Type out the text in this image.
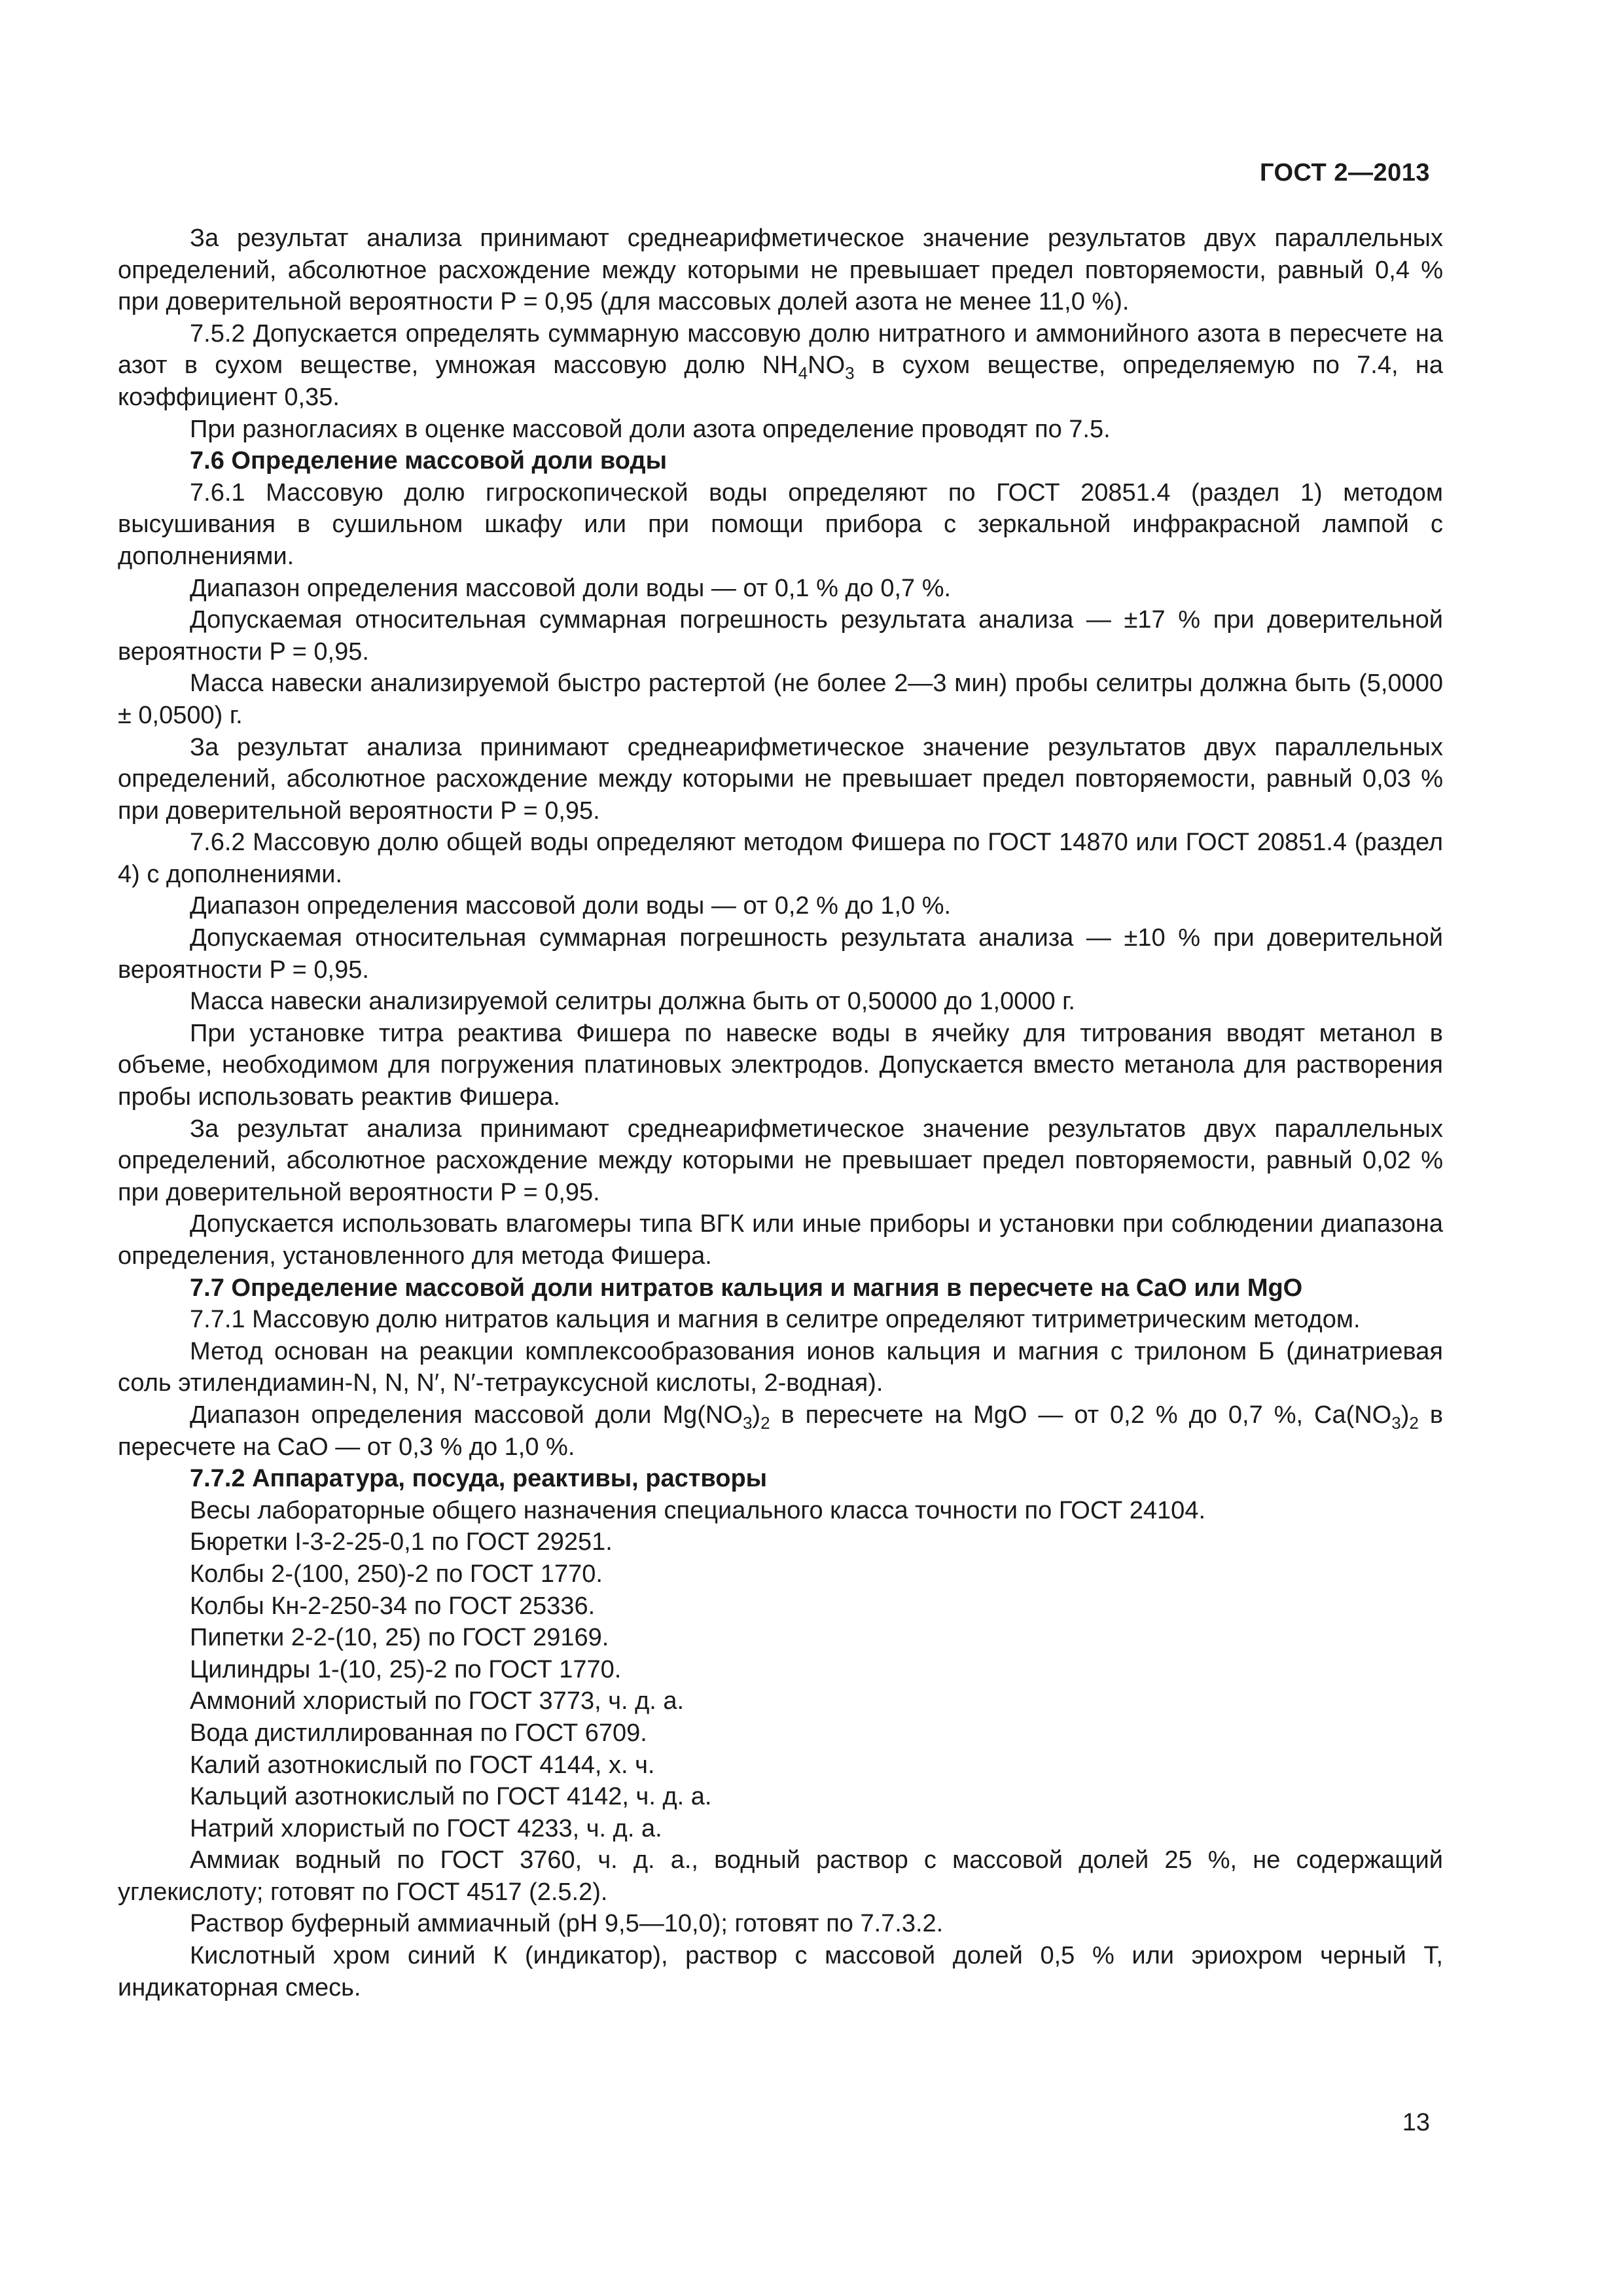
ГОСТ 2—2013

За результат анализа принимают среднеарифметическое значение результатов двух параллельных определений, абсолютное расхождение между которыми не превышает предел повторяемости, равный 0,4 % при доверительной вероятности P = 0,95 (для массовых долей азота не менее 11,0 %).

7.5.2 Допускается определять суммарную массовую долю нитратного и аммонийного азота в пересчете на азот в сухом веществе, умножая массовую долю $NH_4NO_3$ в сухом веществе, определяемую по 7.4, на коэффициент 0,35.

При разногласиях в оценке массовой доли азота определение проводят по 7.5.

7.6 Определение массовой доли воды

7.6.1 Массовую долю гигроскопической воды определяют по ГОСТ 20851.4 (раздел 1) методом высушивания в сушильном шкафу или при помощи прибора с зеркальной инфракрасной лампой с дополнениями.

Диапазон определения массовой доли воды — от 0,1 % до 0,7 %.

Допускаемая относительная суммарная погрешность результата анализа — ±17 % при доверительной вероятности P = 0,95.

Масса навески анализируемой быстро растертой (не более 2—3 мин) пробы селитры должна быть (5,0000 ± 0,0500) г.

За результат анализа принимают среднеарифметическое значение результатов двух параллельных определений, абсолютное расхождение между которыми не превышает предел повторяемости, равный 0,03 % при доверительной вероятности P = 0,95.

7.6.2 Массовую долю общей воды определяют методом Фишера по ГОСТ 14870 или ГОСТ 20851.4 (раздел 4) с дополнениями.

Диапазон определения массовой доли воды — от 0,2 % до 1,0 %.

Допускаемая относительная суммарная погрешность результата анализа — ±10 % при доверительной вероятности P = 0,95.

Масса навески анализируемой селитры должна быть от 0,50000 до 1,0000 г.

При установке титра реактива Фишера по навеске воды в ячейку для титрования вводят метанол в объеме, необходимом для погружения платиновых электродов. Допускается вместо метанола для растворения пробы использовать реактив Фишера.

За результат анализа принимают среднеарифметическое значение результатов двух параллельных определений, абсолютное расхождение между которыми не превышает предел повторяемости, равный 0,02 % при доверительной вероятности P = 0,95.

Допускается использовать влагомеры типа ВГК или иные приборы и установки при соблюдении диапазона определения, установленного для метода Фишера.

7.7 Определение массовой доли нитратов кальция и магния в пересчете на CaO или MgO

7.7.1 Массовую долю нитратов кальция и магния в селитре определяют титриметрическим методом.

Метод основан на реакции комплексообразования ионов кальция и магния с трилоном Б (динатриевая соль этилендиамин-N, N, N′, N′-тетрауксусной кислоты, 2-водная).

Диапазон определения массовой доли $Mg(NO_3)_2$ в пересчете на MgO — от 0,2 % до 0,7 %, $Ca(NO_3)_2$ в пересчете на CaO — от 0,3 % до 1,0 %.

7.7.2 Аппаратура, посуда, реактивы, растворы

Весы лабораторные общего назначения специального класса точности по ГОСТ 24104.

Бюретки I-3-2-25-0,1 по ГОСТ 29251.

Колбы 2-(100, 250)-2 по ГОСТ 1770.

Колбы Кн-2-250-34 по ГОСТ 25336.

Пипетки 2-2-(10, 25) по ГОСТ 29169.

Цилиндры 1-(10, 25)-2 по ГОСТ 1770.

Аммоний хлористый по ГОСТ 3773, ч. д. а.

Вода дистиллированная по ГОСТ 6709.

Калий азотнокислый по ГОСТ 4144, х. ч.

Кальций азотнокислый по ГОСТ 4142, ч. д. а.

Натрий хлористый по ГОСТ 4233, ч. д. а.

Аммиак водный по ГОСТ 3760, ч. д. а., водный раствор с массовой долей 25 %, не содержащий углекислоту; готовят по ГОСТ 4517 (2.5.2).

Раствор буферный аммиачный (pH 9,5—10,0); готовят по 7.7.3.2.

Кислотный хром синий К (индикатор), раствор с массовой долей 0,5 % или эриохром черный Т, индикаторная смесь.

13
